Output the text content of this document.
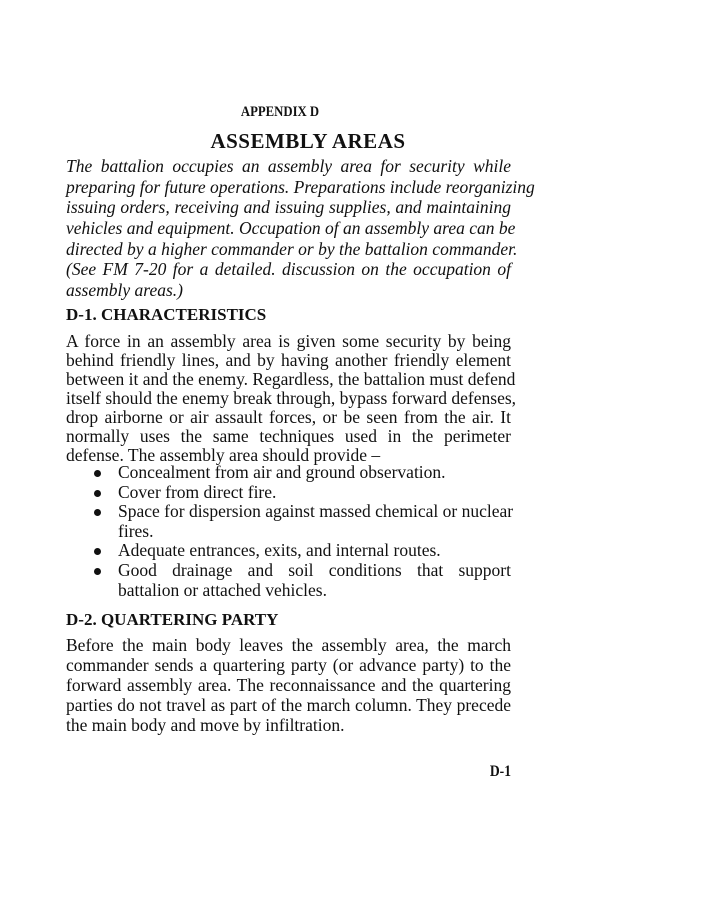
APPENDIX D
ASSEMBLY AREAS
The battalion occupies an assembly area for security while
preparing for future operations. Preparations include reorganizing
issuing orders, receiving and issuing supplies, and maintaining
vehicles and equipment. Occupation of an assembly area can be
directed by a higher commander or by the battalion commander.
(See FM 7-20 for a detailed. discussion on the occupation of
assembly areas.)
D-1. CHARACTERISTICS
A force in an assembly area is given some security by being
behind friendly lines, and by having another friendly element
between it and the enemy. Regardless, the battalion must defend
itself should the enemy break through, bypass forward defenses,
drop airborne or air assault forces, or be seen from the air. It
normally uses the same techniques used in the perimeter
defense. The assembly area should provide –
Concealment from air and ground observation.
Cover from direct fire.
Space for dispersion against massed chemical or nuclear
fires.
Adequate entrances, exits, and internal routes.
Good drainage and soil conditions that support
battalion or attached vehicles.
D-2. QUARTERING PARTY
Before the main body leaves the assembly area, the march
commander sends a quartering party (or advance party) to the
forward assembly area. The reconnaissance and the quartering
parties do not travel as part of the march column. They precede
the main body and move by infiltration.
D-1
